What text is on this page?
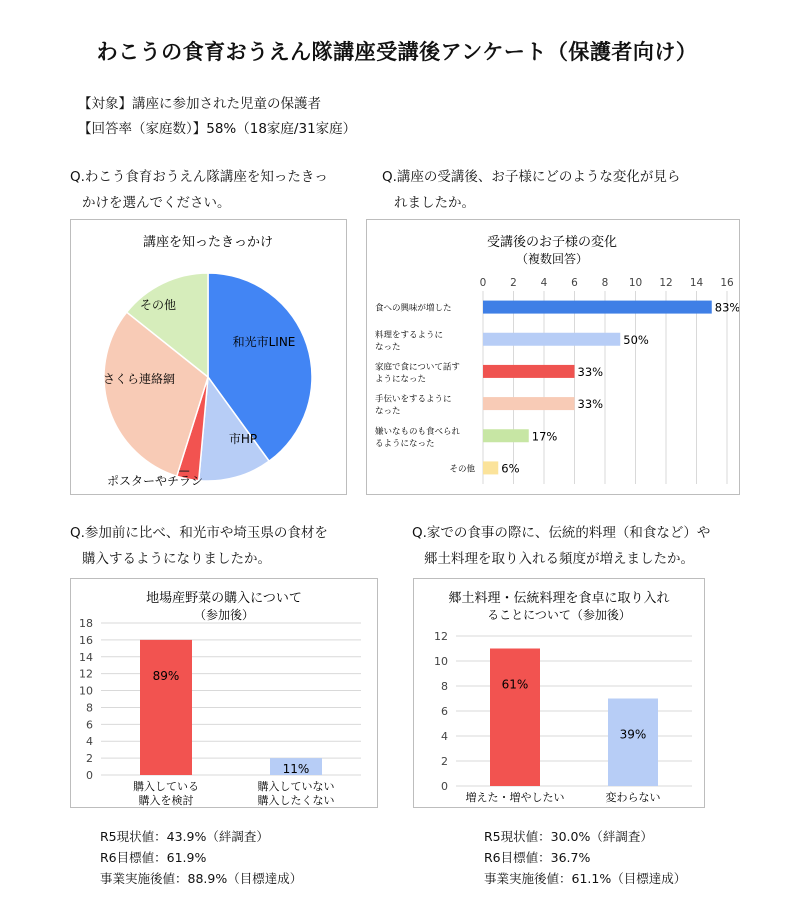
わこうの食育おうえん隊講座受講後アンケート（保護者向け）
【対象】講座に参加された児童の保護者
【回答率（家庭数）】58%（18家庭/31家庭）
Q.わこう食育おうえん隊講座を知ったきっ
かけを選んでください。
Q.講座の受講後、お子様にどのような変化が見ら
れましたか。
Q.参加前に比べ、和光市や埼玉県の食材を
購入するようになりましたか。
Q.家での食事の際に、伝統的料理（和食など）や
郷土料理を取り入れる頻度が増えましたか。
講座を知ったきっかけ
和光市LINE
市HP
ポスターやチラシ
さくら連絡網
その他
受講後のお子様の変化
（複数回答）
0 2 4 6 8 10 12 14 16
83%
食への興味が増した
50%
料理をするように
なった
33%
家庭で食について話す
ようになった
33%
手伝いをするように
なった
17%
嫌いなものも食べられ
るようになった
6%
その他
地場産野菜の購入について
（参加後）
0
2
4
6
8
10
12
14
16
18
89%
購入している
購入を検討
11%
購入していない
購入したくない
郷土料理・伝統料理を食卓に取り入れ
ることについて（参加後）
0
2
4
6
8
10
12
61%
増えた・増やしたい
39%
変わらない
R5現状値：43.9%（絆調査）
R6目標値：61.9%
事業実施後値：88.9%（目標達成）
R5現状値：30.0%（絆調査）
R6目標値：36.7%
事業実施後値：61.1%（目標達成）
